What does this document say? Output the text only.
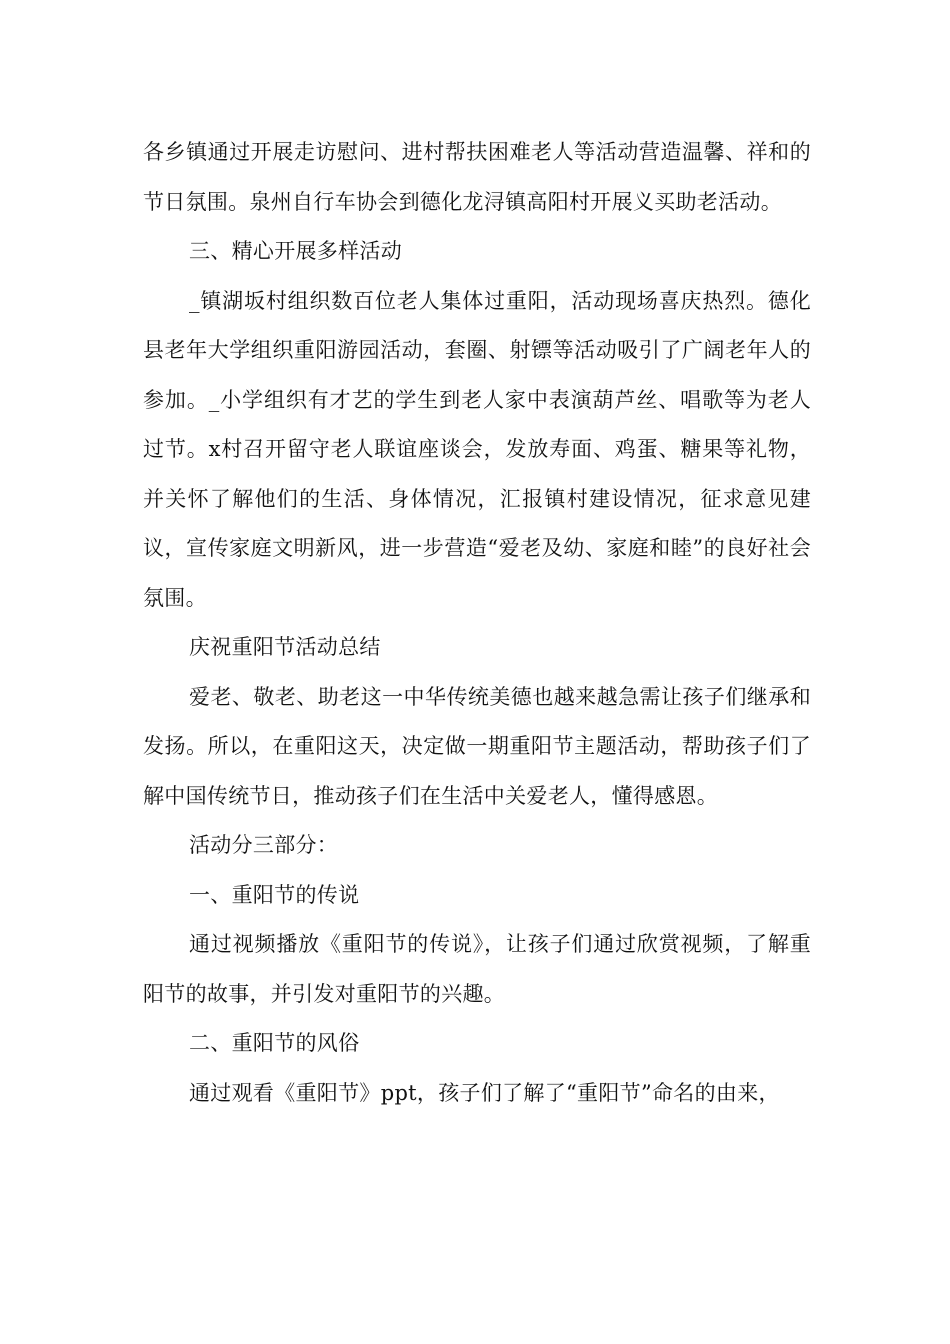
各乡镇通过开展走访慰问、进村帮扶困难老人等活动营造温馨、祥和的节日氛围。泉州自行车协会到德化龙浔镇高阳村开展义买助老活动。

三、精心开展多样活动

_镇湖坂村组织数百位老人集体过重阳，活动现场喜庆热烈。德化县老年大学组织重阳游园活动，套圈、射镖等活动吸引了广阔老年人的参加。_小学组织有才艺的学生到老人家中表演葫芦丝、唱歌等为老人过节。x村召开留守老人联谊座谈会，发放寿面、鸡蛋、糖果等礼物，并关怀了解他们的生活、身体情况，汇报镇村建设情况，征求意见建议，宣传家庭文明新风，进一步营造“爱老及幼、家庭和睦”的良好社会氛围。

庆祝重阳节活动总结

爱老、敬老、助老这一中华传统美德也越来越急需让孩子们继承和发扬。所以，在重阳这天，决定做一期重阳节主题活动，帮助孩子们了解中国传统节日，推动孩子们在生活中关爱老人，懂得感恩。

活动分三部分：

一、重阳节的传说

通过视频播放《重阳节的传说》，让孩子们通过欣赏视频，了解重阳节的故事，并引发对重阳节的兴趣。

二、重阳节的风俗

通过观看《重阳节》ppt，孩子们了解了“重阳节”命名的由来，
